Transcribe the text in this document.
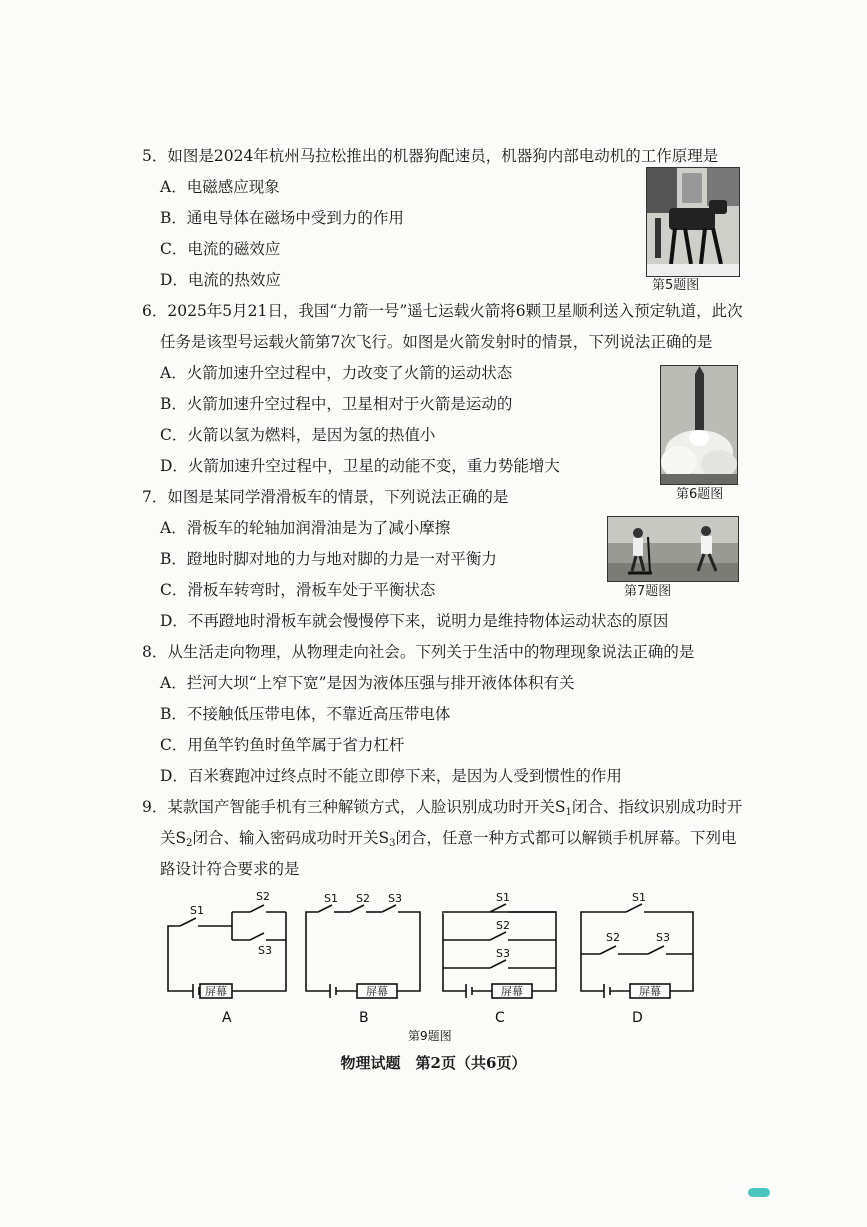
5．如图是2024年杭州马拉松推出的机器狗配速员，机器狗内部电动机的工作原理是
A．电磁感应现象
B．通电导体在磁场中受到力的作用
C．电流的磁效应
D．电流的热效应	第5题图
6．2025年5月21日，我国“力箭一号”遥七运载火箭将6颗卫星顺利送入预定轨道，此次
任务是该型号运载火箭第7次飞行。如图是火箭发射时的情景，下列说法正确的是
A．火箭加速升空过程中，力改变了火箭的运动状态
B．火箭加速升空过程中，卫星相对于火箭是运动的
C．火箭以氢为燃料，是因为氢的热值小
D．火箭加速升空过程中，卫星的动能不变，重力势能增大
第6题图
7．如图是某同学滑滑板车的情景，下列说法正确的是
A．滑板车的轮轴加润滑油是为了减小摩擦
B．蹬地时脚对地的力与地对脚的力是一对平衡力
C．滑板车转弯时，滑板车处于平衡状态
D．不再蹬地时滑板车就会慢慢停下来，说明力是维持物体运动状态的原因
第7题图
8．从生活走向物理，从物理走向社会。下列关于生活中的物理现象说法正确的是
A．拦河大坝“上窄下宽”是因为液体压强与排开液体体积有关
B．不接触低压带电体，不靠近高压带电体
C．用鱼竿钓鱼时鱼竿属于省力杠杆
D．百米赛跑冲过终点时不能立即停下来，是因为人受到惯性的作用
9．某款国产智能手机有三种解锁方式，人脸识别成功时开关$S_1$闭合、指纹识别成功时开
关$S_2$闭合、输入密码成功时开关$S_3$闭合，任意一种方式都可以解锁手机屏幕。下列电
路设计符合要求的是
屏幕	屏幕	屏幕	屏幕
S1
S2
S3
S1 S2 S3	S1
S2
S3
S1
S2	S3
A	B	C	D
第9题图
物理试题　第2页（共6页）
